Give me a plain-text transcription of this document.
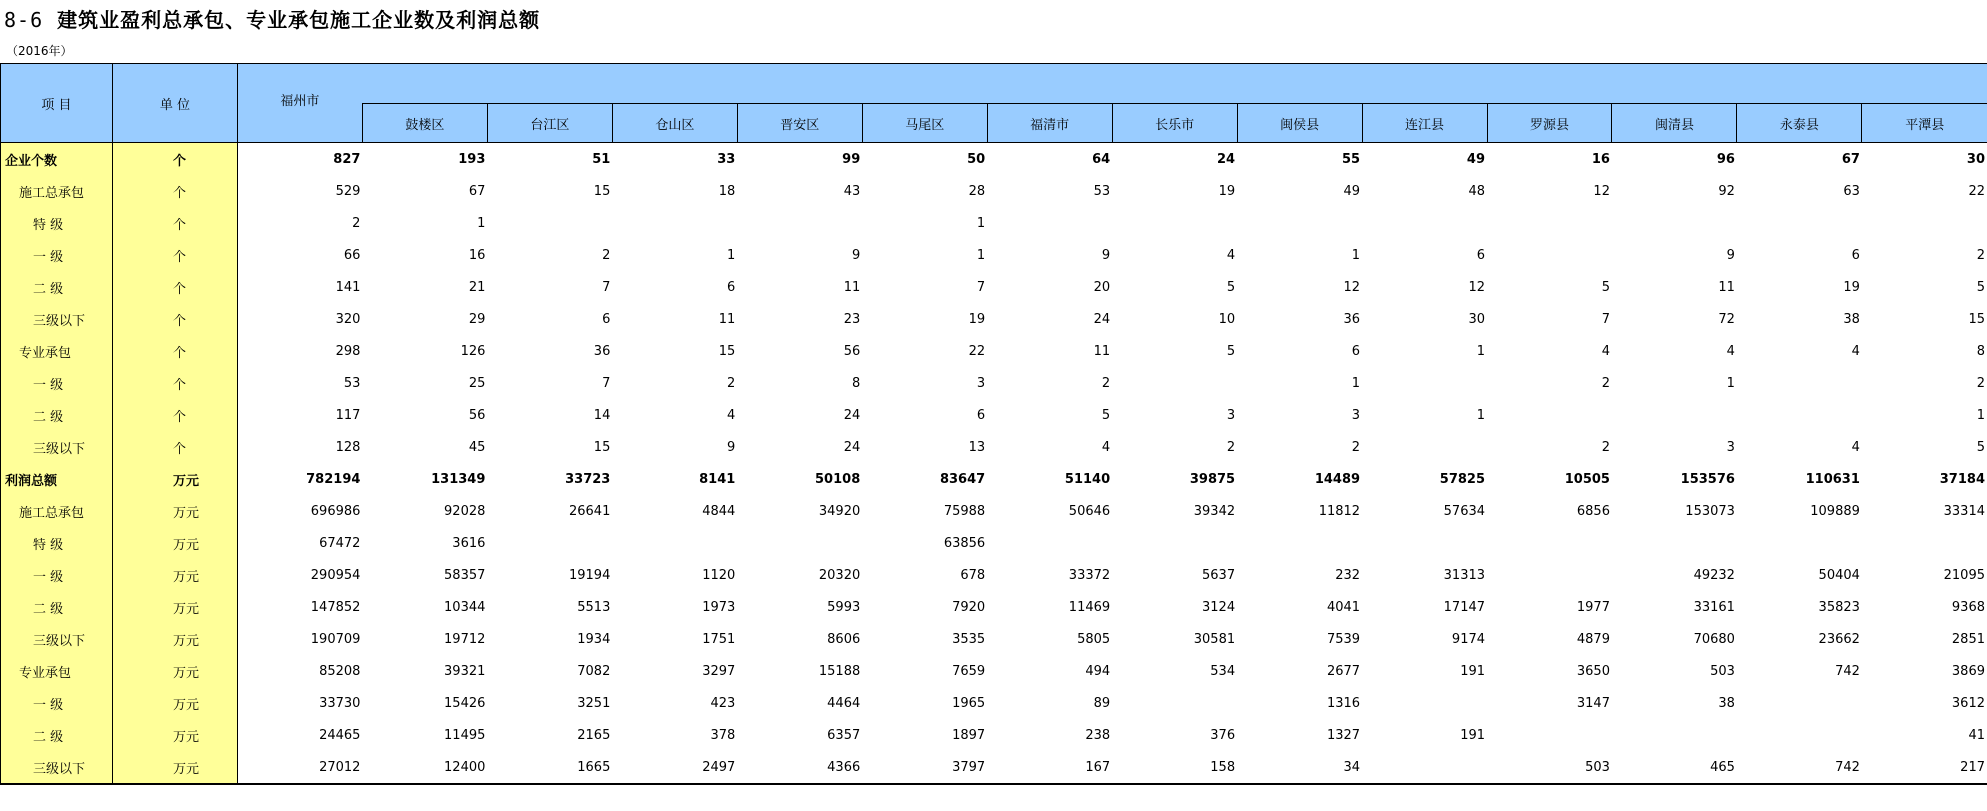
8-6 建筑业盈利总承包、专业承包施工企业数及利润总额
（2016年）
项 目	单 位	福州市													
			鼓楼区	台江区	仓山区	晋安区	马尾区	福清市	长乐市	闽侯县	连江县	罗源县	闽清县	永泰县	平潭县
企业个数	个	827	193	51	33	99	50	64	24	55	49	16	96	67	30
施工总承包	个	529	67	15	18	43	28	53	19	49	48	12	92	63	22
特 级	个	2	1				1								
一 级	个	66	16	2	1	9	1	9	4	1	6		9	6	2
二 级	个	141	21	7	6	11	7	20	5	12	12	5	11	19	5
三级以下	个	320	29	6	11	23	19	24	10	36	30	7	72	38	15
专业承包	个	298	126	36	15	56	22	11	5	6	1	4	4	4	8
一 级	个	53	25	7	2	8	3	2		1		2	1		2
二 级	个	117	56	14	4	24	6	5	3	3	1				1
三级以下	个	128	45	15	9	24	13	4	2	2		2	3	4	5
利润总额	万元	782194	131349	33723	8141	50108	83647	51140	39875	14489	57825	10505	153576	110631	37184
施工总承包	万元	696986	92028	26641	4844	34920	75988	50646	39342	11812	57634	6856	153073	109889	33314
特 级	万元	67472	3616				63856								
一 级	万元	290954	58357	19194	1120	20320	678	33372	5637	232	31313		49232	50404	21095
二 级	万元	147852	10344	5513	1973	5993	7920	11469	3124	4041	17147	1977	33161	35823	9368
三级以下	万元	190709	19712	1934	1751	8606	3535	5805	30581	7539	9174	4879	70680	23662	2851
专业承包	万元	85208	39321	7082	3297	15188	7659	494	534	2677	191	3650	503	742	3869
一 级	万元	33730	15426	3251	423	4464	1965	89		1316		3147	38		3612
二 级	万元	24465	11495	2165	378	6357	1897	238	376	1327	191				41
三级以下	万元	27012	12400	1665	2497	4366	3797	167	158	34		503	465	742	217
